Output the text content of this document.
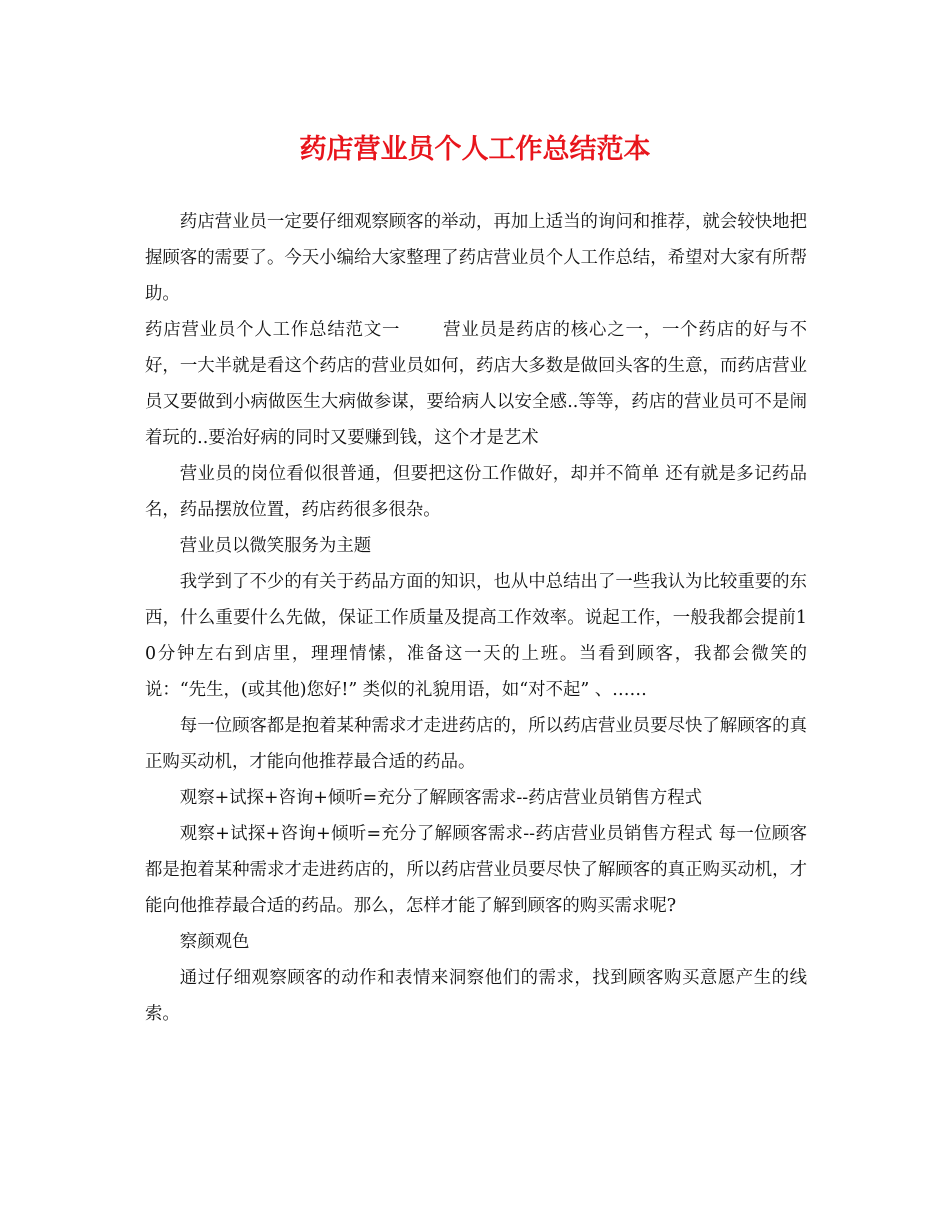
药店营业员个人工作总结范本

药店营业员一定要仔细观察顾客的举动，再加上适当的询问和推荐，就会较快地把握顾客的需要了。今天小编给大家整理了药店营业员个人工作总结，希望对大家有所帮助。

药店营业员个人工作总结范文一　　 营业员是药店的核心之一，一个药店的好与不好，一大半就是看这个药店的营业员如何，药店大多数是做回头客的生意，而药店营业员又要做到小病做医生大病做参谋，要给病人以安全感..等等，药店的营业员可不是闹着玩的..要治好病的同时又要赚到钱，这个才是艺术

营业员的岗位看似很普通，但要把这份工作做好，却并不简单 还有就是多记药品名，药品摆放位置，药店药很多很杂。

营业员以微笑服务为主题

我学到了不少的有关于药品方面的知识，也从中总结出了一些我认为比较重要的东西，什么重要什么先做，保证工作质量及提高工作效率。说起工作，一般我都会提前10分钟左右到店里，理理情愫，准备这一天的上班。当看到顾客，我都会微笑的说：“先生，(或其他)您好!” 类似的礼貌用语，如“对不起” 、……

每一位顾客都是抱着某种需求才走进药店的，所以药店营业员要尽快了解顾客的真正购买动机，才能向他推荐最合适的药品。

观察+试探+咨询+倾听=充分了解顾客需求--药店营业员销售方程式

观察+试探+咨询+倾听=充分了解顾客需求--药店营业员销售方程式 每一位顾客都是抱着某种需求才走进药店的，所以药店营业员要尽快了解顾客的真正购买动机，才能向他推荐最合适的药品。那么，怎样才能了解到顾客的购买需求呢?

察颜观色

通过仔细观察顾客的动作和表情来洞察他们的需求，找到顾客购买意愿产生的线索。
